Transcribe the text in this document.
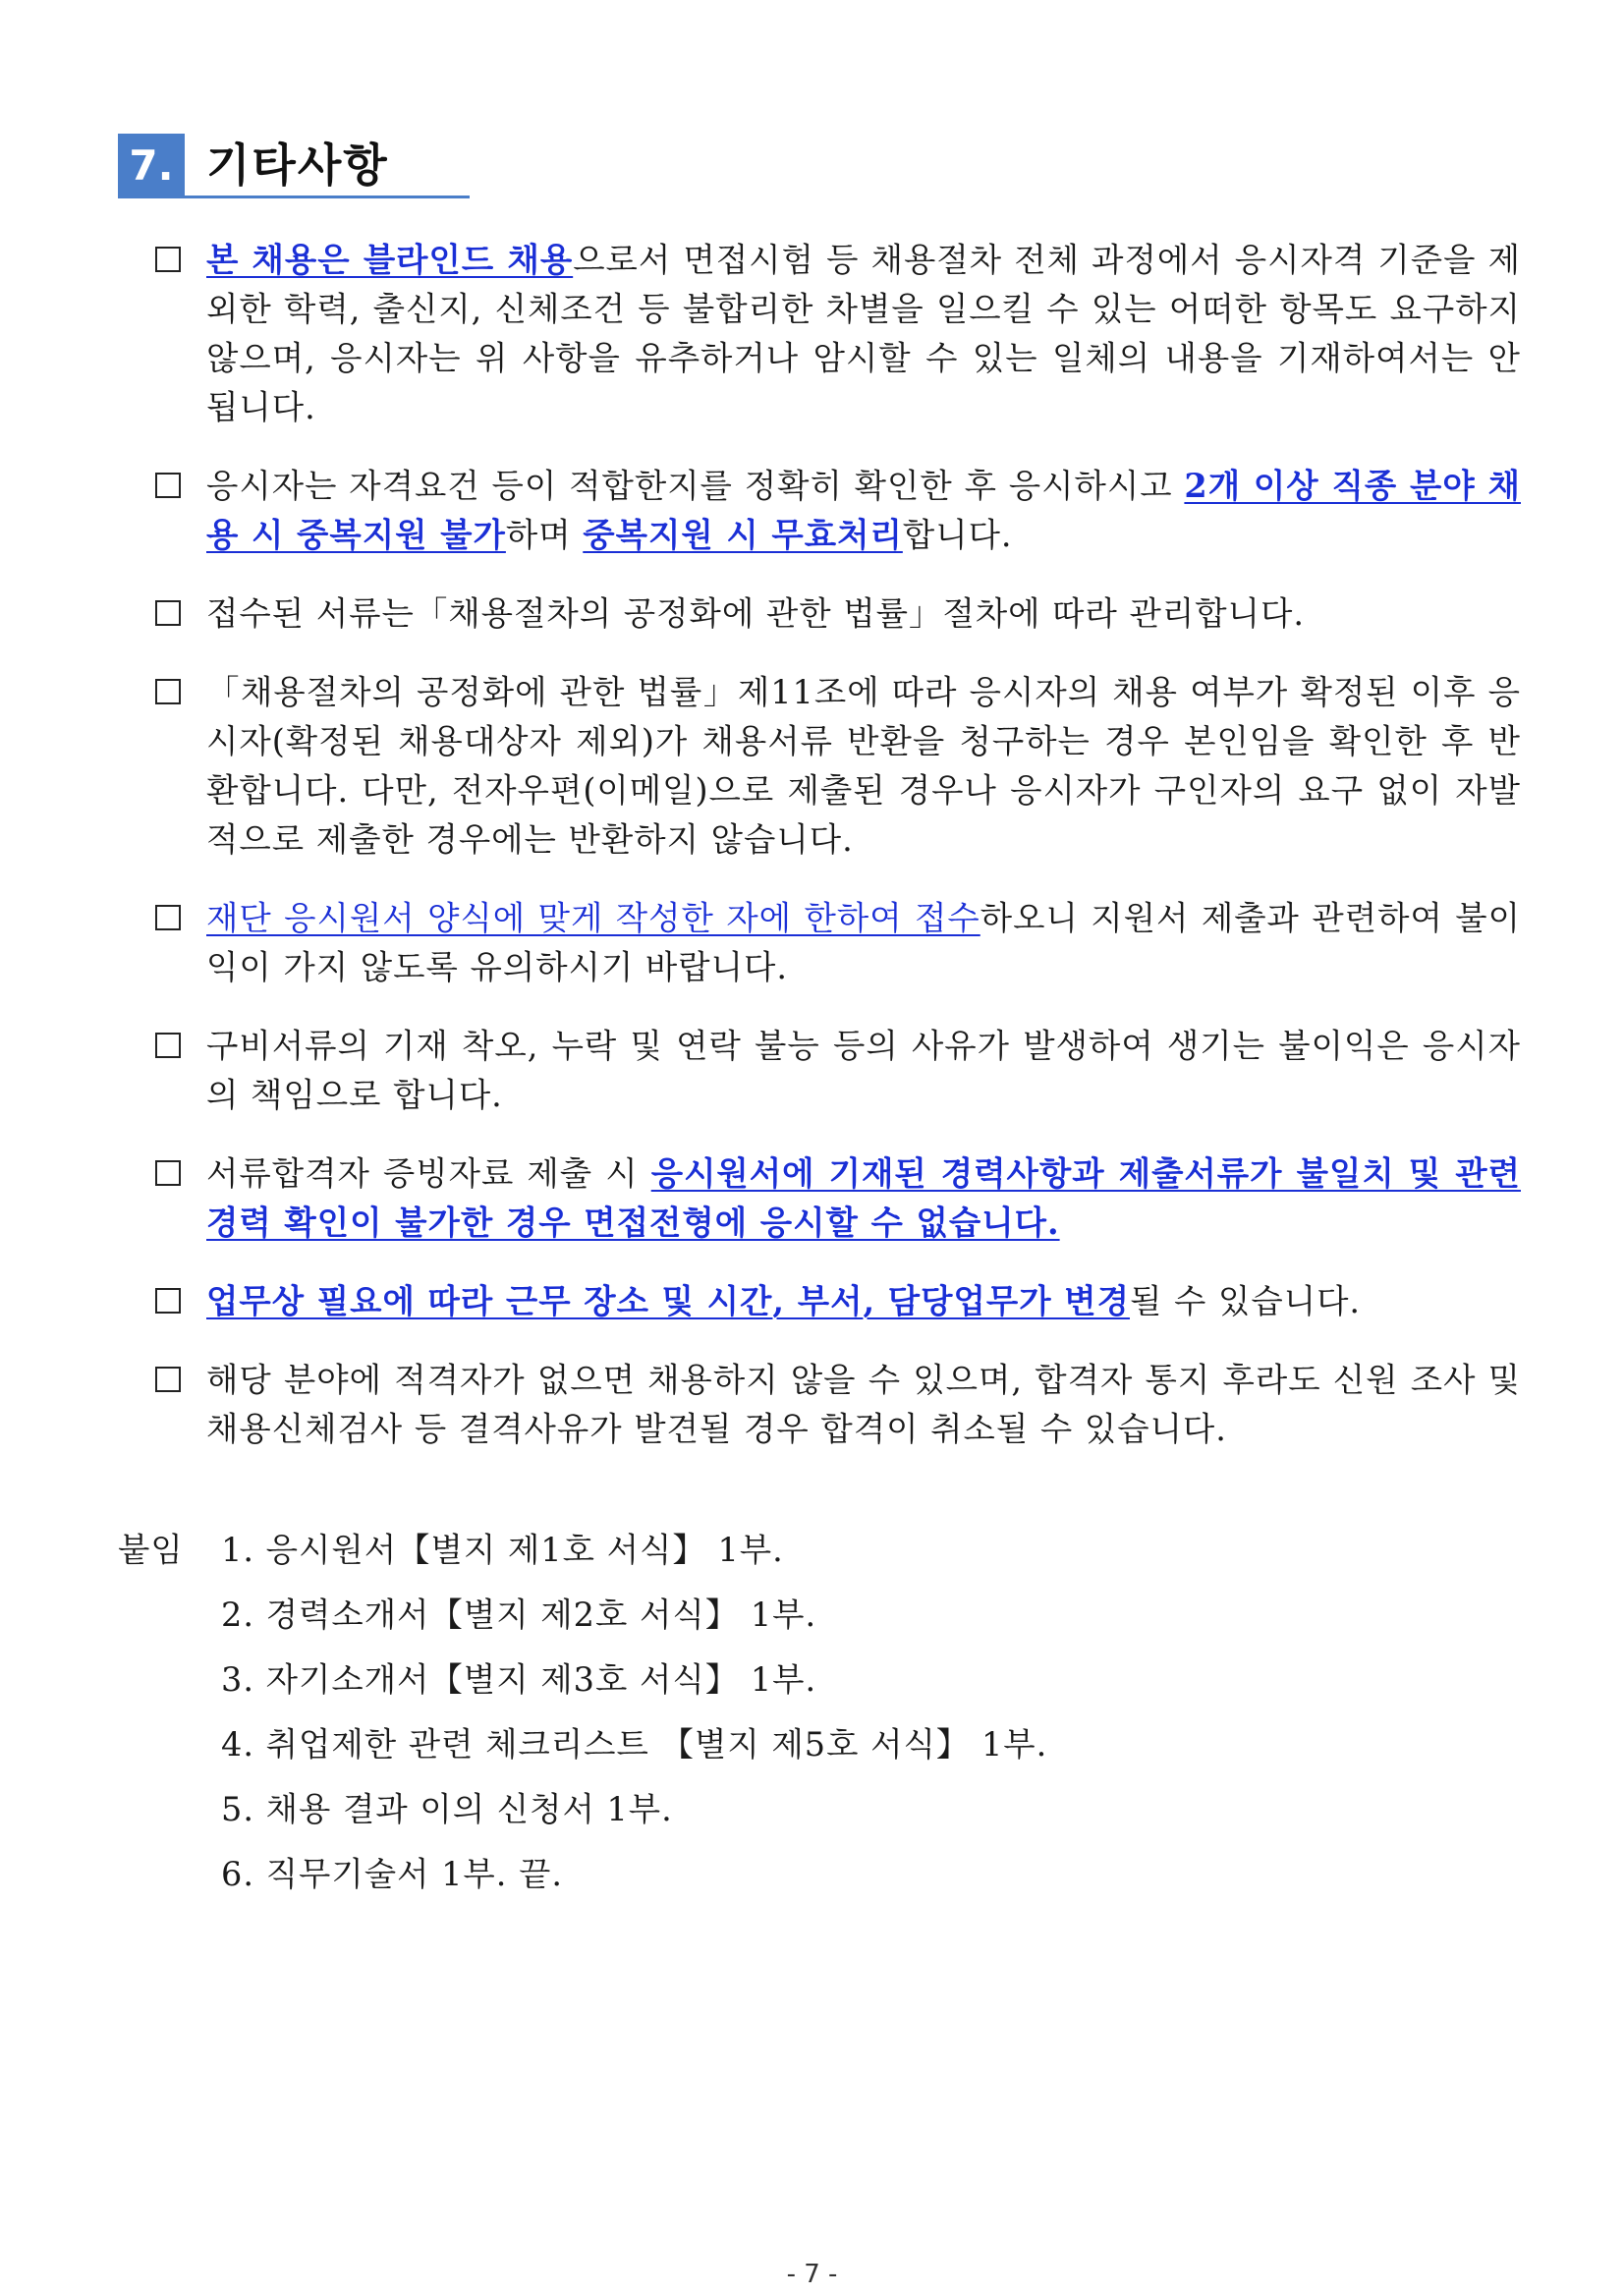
7. 기타사항
본 채용은 블라인드 채용으로서 면접시험 등 채용절차 전체 과정에서 응시자격 기준을 제외한 학력, 출신지, 신체조건 등 불합리한 차별을 일으킬 수 있는 어떠한 항목도 요구하지 않으며, 응시자는 위 사항을 유추하거나 암시할 수 있는 일체의 내용을 기재하여서는 안 됩니다.
응시자는 자격요건 등이 적합한지를 정확히 확인한 후 응시하시고 2개 이상 직종 분야 채용 시 중복지원 불가하며 중복지원 시 무효처리합니다.
접수된 서류는「채용절차의 공정화에 관한 법률」절차에 따라 관리합니다.
「채용절차의 공정화에 관한 법률」제11조에 따라 응시자의 채용 여부가 확정된 이후 응시자(확정된 채용대상자 제외)가 채용서류 반환을 청구하는 경우 본인임을 확인한 후 반환합니다. 다만, 전자우편(이메일)으로 제출된 경우나 응시자가 구인자의 요구 없이 자발적으로 제출한 경우에는 반환하지 않습니다.
재단 응시원서 양식에 맞게 작성한 자에 한하여 접수하오니 지원서 제출과 관련하여 불이익이 가지 않도록 유의하시기 바랍니다.
구비서류의 기재 착오, 누락 및 연락 불능 등의 사유가 발생하여 생기는 불이익은 응시자의 책임으로 합니다.
서류합격자 증빙자료 제출 시 응시원서에 기재된 경력사항과 제출서류가 불일치 및 관련경력 확인이 불가한 경우 면접전형에 응시할 수 없습니다.
업무상 필요에 따라 근무 장소 및 시간, 부서, 담당업무가 변경될 수 있습니다.
해당 분야에 적격자가 없으면 채용하지 않을 수 있으며, 합격자 통지 후라도 신원 조사 및 채용신체검사 등 결격사유가 발견될 경우 합격이 취소될 수 있습니다.
붙임	1. 응시원서【별지 제1호 서식】 1부.
2. 경력소개서【별지 제2호 서식】 1부.
3. 자기소개서【별지 제3호 서식】 1부.
4. 취업제한 관련 체크리스트 【별지 제5호 서식】 1부.
5. 채용 결과 이의 신청서 1부.
6. 직무기술서 1부. 끝.
- 7 -
